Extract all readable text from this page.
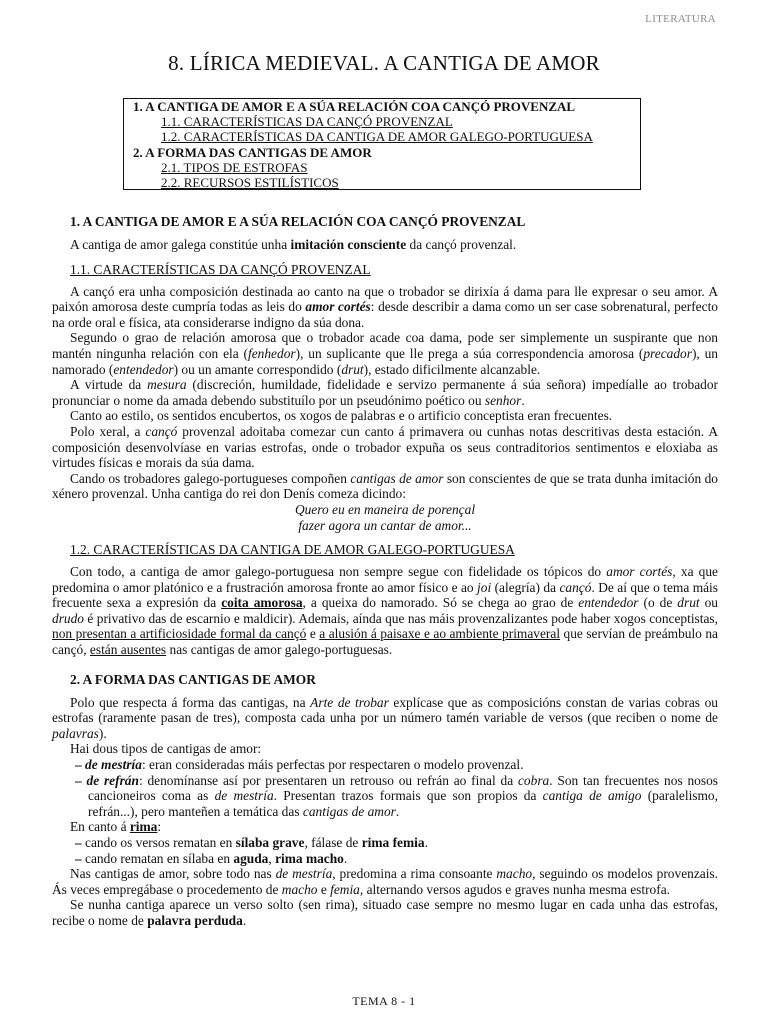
LITERATURA
8. LÍRICA MEDIEVAL. A CANTIGA DE AMOR
1. A CANTIGA DE AMOR E A SÚA RELACIÓN COA CANÇÓ PROVENZAL
1.1. CARACTERÍSTICAS DA CANÇÓ PROVENZAL
1.2. CARACTERÍSTICAS DA CANTIGA DE AMOR GALEGO-PORTUGUESA
2. A FORMA DAS CANTIGAS DE AMOR
2.1. TIPOS DE ESTROFAS
2.2. RECURSOS ESTILÍSTICOS
1. A CANTIGA DE AMOR E A SÚA RELACIÓN COA CANÇÓ PROVENZAL

A cantiga de amor galega constitúe unha imitación consciente da cançó provenzal.

1.1. CARACTERÍSTICAS DA CANÇÓ PROVENZAL

A cançó era unha composición destinada ao canto na que o trobador se dirixía á dama para lle expresar o seu amor. A paixón amorosa deste cumpría todas as leis do amor cortés: desde describir a dama como un ser case sobrenatural, perfecto na orde oral e física, ata considerarse indigno da súa dona.

Segundo o grao de relación amorosa que o trobador acade coa dama, pode ser simplemente un suspirante que non mantén ningunha relación con ela (fenhedor), un suplicante que lle prega a súa correspondencia amorosa (precador), un namorado (entendedor) ou un amante correspondido (drut), estado dificilmente alcanzable.

A virtude da mesura (discreción, humildade, fidelidade e servizo permanente á súa señora) impedíalle ao trobador pronunciar o nome da amada debendo substituílo por un pseudónimo poético ou senhor.

Canto ao estilo, os sentidos encubertos, os xogos de palabras e o artificio conceptista eran frecuentes.

Polo xeral, a cançó provenzal adoitaba comezar cun canto á primavera ou cunhas notas descritivas desta estación. A composición desenvolvíase en varias estrofas, onde o trobador expuña os seus contraditorios sentimentos e eloxiaba as virtudes físicas e morais da súa dama.

Cando os trobadores galego-portugueses compoñen cantigas de amor son conscientes de que se trata dunha imitación do xénero provenzal. Unha cantiga do rei don Denís comeza dicindo:

Quero eu en maneira de porençal

fazer agora un cantar de amor...

1.2. CARACTERÍSTICAS DA CANTIGA DE AMOR GALEGO-PORTUGUESA

Con todo, a cantiga de amor galego-portuguesa non sempre segue con fidelidade os tópicos do amor cortés, xa que predomina o amor platónico e a frustración amorosa fronte ao amor físico e ao joi (alegría) da cançó. De aí que o tema máis frecuente sexa a expresión da coita amorosa, a queixa do namorado. Só se chega ao grao de entendedor (o de drut ou drudo é privativo das de escarnio e maldicir). Ademais, aínda que nas máis provenzalizantes pode haber xogos conceptistas, non presentan a artificiosidade formal da cançó e a alusión á paisaxe e ao ambiente primaveral que servían de preámbulo na cançó, están ausentes nas cantigas de amor galego-portuguesas.

2. A FORMA DAS CANTIGAS DE AMOR

Polo que respecta á forma das cantigas, na Arte de trobar explícase que as composicións constan de varias cobras ou estrofas (raramente pasan de tres), composta cada unha por un número tamén variable de versos (que reciben o nome de palavras).

Hai dous tipos de cantigas de amor:

– de mestría: eran consideradas máis perfectas por respectaren o modelo provenzal.
– de refrán: denomínanse así por presentaren un retrouso ou refrán ao final da cobra. Son tan frecuentes nos nosos cancioneiros coma as de mestría. Presentan trazos formais que son propios da cantiga de amigo (paralelismo, refrán...), pero manteñen a temática das cantigas de amor.

En canto á rima:

– cando os versos rematan en sílaba grave, fálase de rima femia.
– cando rematan en sílaba en aguda, rima macho.

Nas cantigas de amor, sobre todo nas de mestría, predomina a rima consoante macho, seguindo os modelos provenzais. Ás veces empregábase o procedemento de macho e femia, alternando versos agudos e graves nunha mesma estrofa.

Se nunha cantiga aparece un verso solto (sen rima), situado case sempre no mesmo lugar en cada unha das estrofas, recibe o nome de palavra perduda.

TEMA 8 - 1
